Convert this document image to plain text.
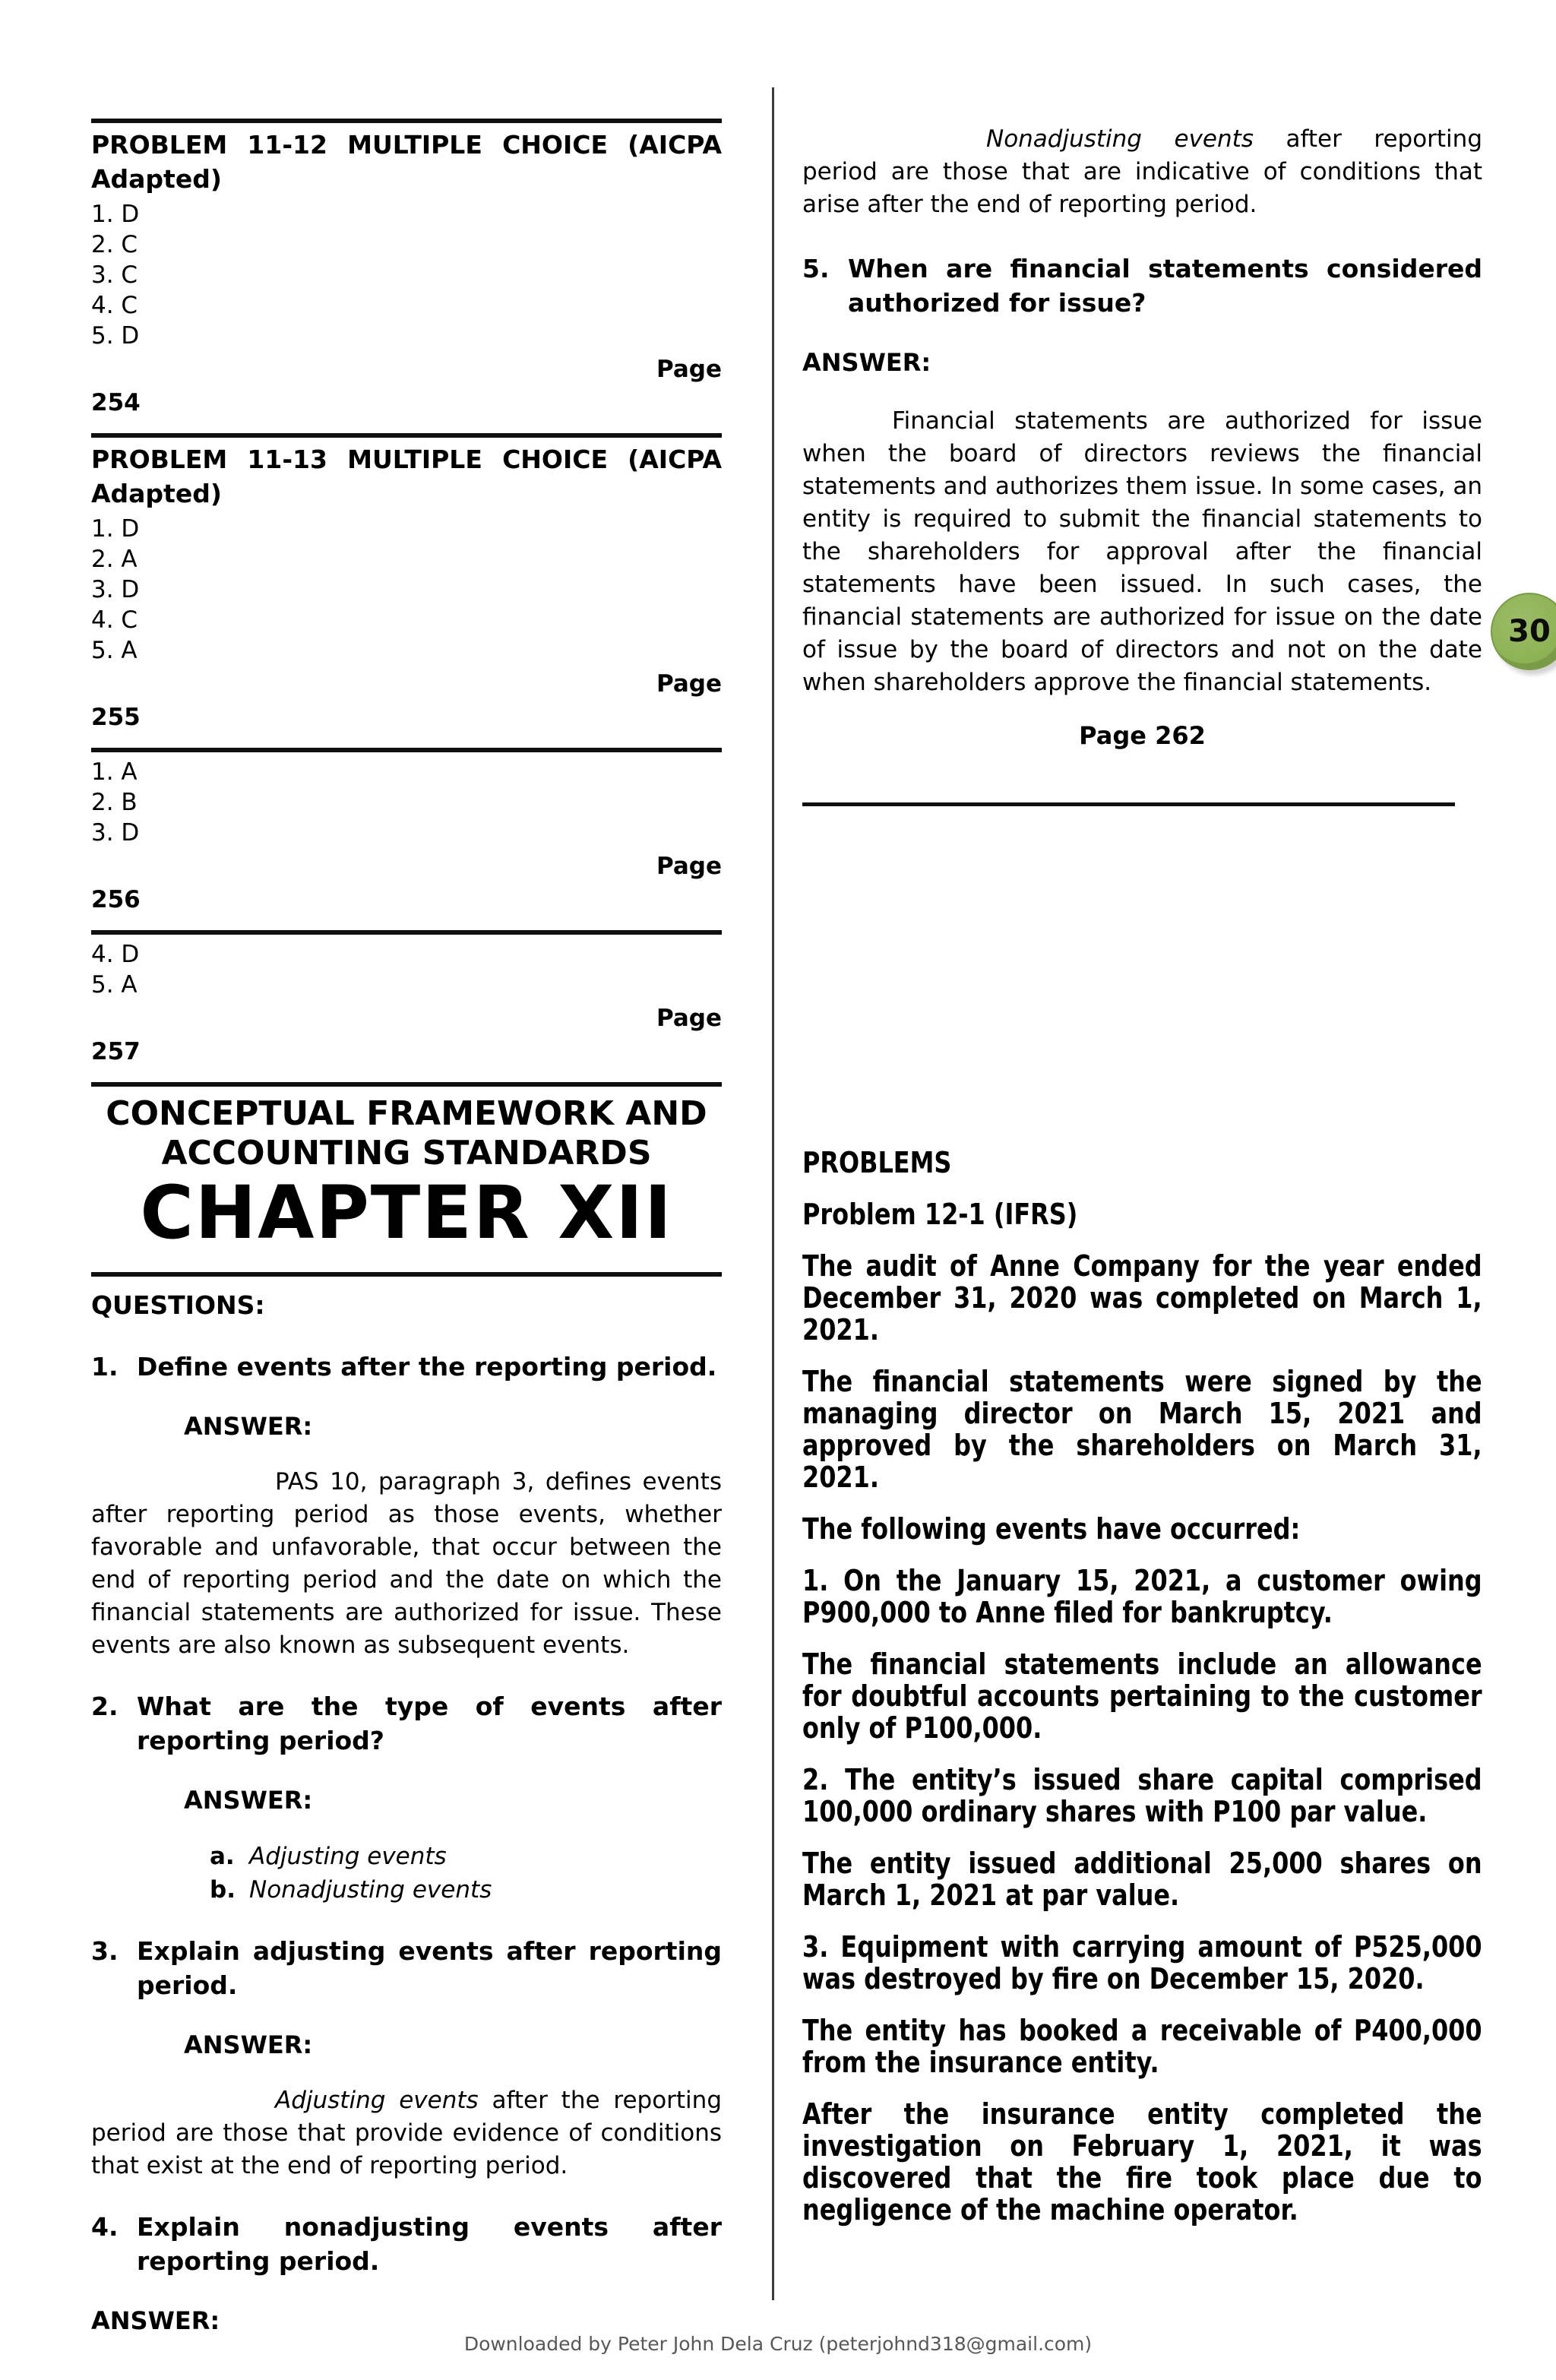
PROBLEM 11-12 MULTIPLE CHOICE (AICPA Adapted)
1. D
2. C
3. C
4. C
5. D
Page
254
PROBLEM 11-13 MULTIPLE CHOICE (AICPA Adapted)
1. D
2. A
3. D
4. C
5. A
Page
255
1. A
2. B
3. D
Page
256
4. D
5. A
Page
257
CONCEPTUAL FRAMEWORK AND
ACCOUNTING STANDARDS
CHAPTER XII
QUESTIONS:
1. Define events after the reporting period.
ANSWER:

PAS 10, paragraph 3, defines events after reporting period as those events, whether favorable and unfavorable, that occur between the end of reporting period and the date on which the financial statements are authorized for issue. These events are also known as subsequent events.

2. What are the type of events after reporting period?
ANSWER:
a. Adjusting events
b. Nonadjusting events
3. Explain adjusting events after reporting period.
ANSWER:

Adjusting events after the reporting period are those that provide evidence of conditions that exist at the end of reporting period.

4. Explain nonadjusting events after reporting period.
ANSWER:

Nonadjusting events after reporting period are those that are indicative of conditions that arise after the end of reporting period.

5. When are financial statements considered authorized for issue?
ANSWER:

Financial statements are authorized for issue when the board of directors reviews the financial statements and authorizes them issue. In some cases, an entity is required to submit the financial statements to the shareholders for approval after the financial statements have been issued. In such cases, the financial statements are authorized for issue on the date of issue by the board of directors and not on the date when shareholders approve the financial statements.

Page 262

PROBLEMS

Problem 12-1 (IFRS)

The audit of Anne Company for the year ended December 31, 2020 was completed on March 1, 2021.

The financial statements were signed by the managing director on March 15, 2021 and approved by the shareholders on March 31, 2021.

The following events have occurred:

1. On the January 15, 2021, a customer owing P900,000 to Anne filed for bankruptcy.

The financial statements include an allowance for doubtful accounts pertaining to the customer only of P100,000.

2. The entity’s issued share capital comprised 100,000 ordinary shares with P100 par value.

The entity issued additional 25,000 shares on March 1, 2021 at par value.

3. Equipment with carrying amount of P525,000 was destroyed by fire on December 15, 2020.

The entity has booked a receivable of P400,000 from the insurance entity.

After the insurance entity completed the investigation on February 1, 2021, it was discovered that the fire took place due to negligence of the machine operator.

30
Downloaded by Peter John Dela Cruz (peterjohnd318@gmail.com)
